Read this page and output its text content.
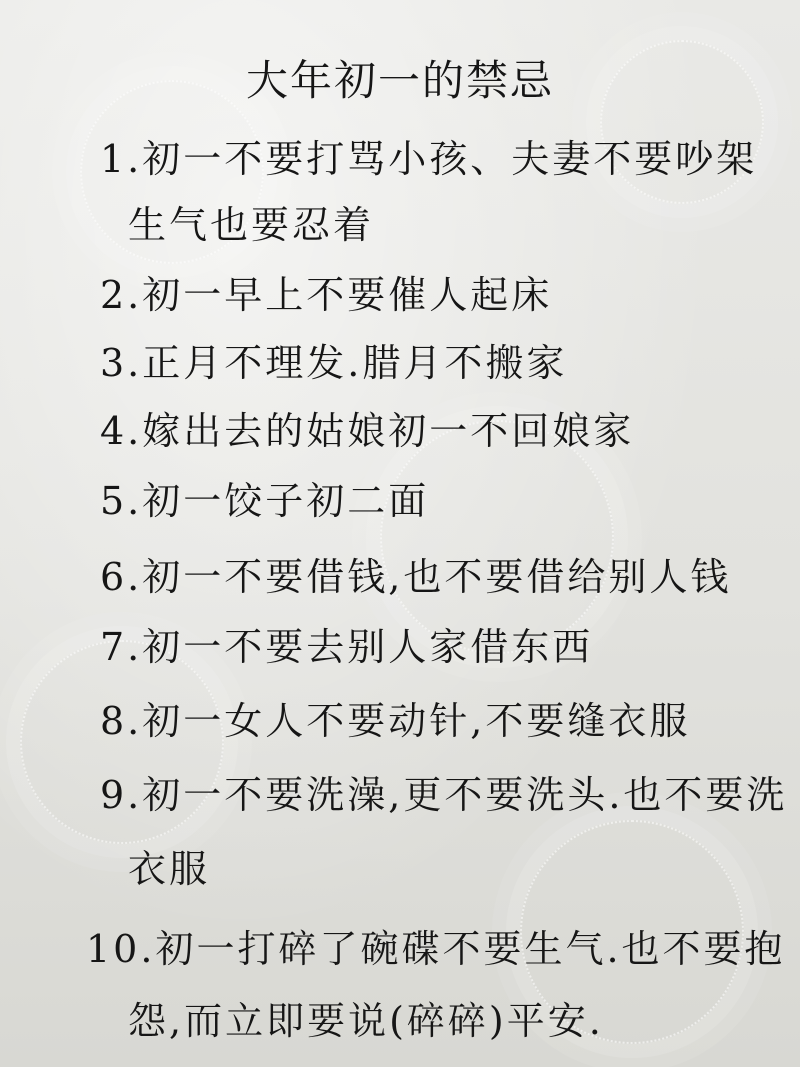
大年初一的禁忌
1.初一不要打骂小孩、夫妻不要吵架
生气也要忍着
2.初一早上不要催人起床
3.正月不理发.腊月不搬家
4.嫁出去的姑娘初一不回娘家
5.初一饺子初二面
6.初一不要借钱,也不要借给别人钱
7.初一不要去别人家借东西
8.初一女人不要动针,不要缝衣服
9.初一不要洗澡,更不要洗头.也不要洗
衣服
10.初一打碎了碗碟不要生气.也不要抱
怨,而立即要说(碎碎)平安.
